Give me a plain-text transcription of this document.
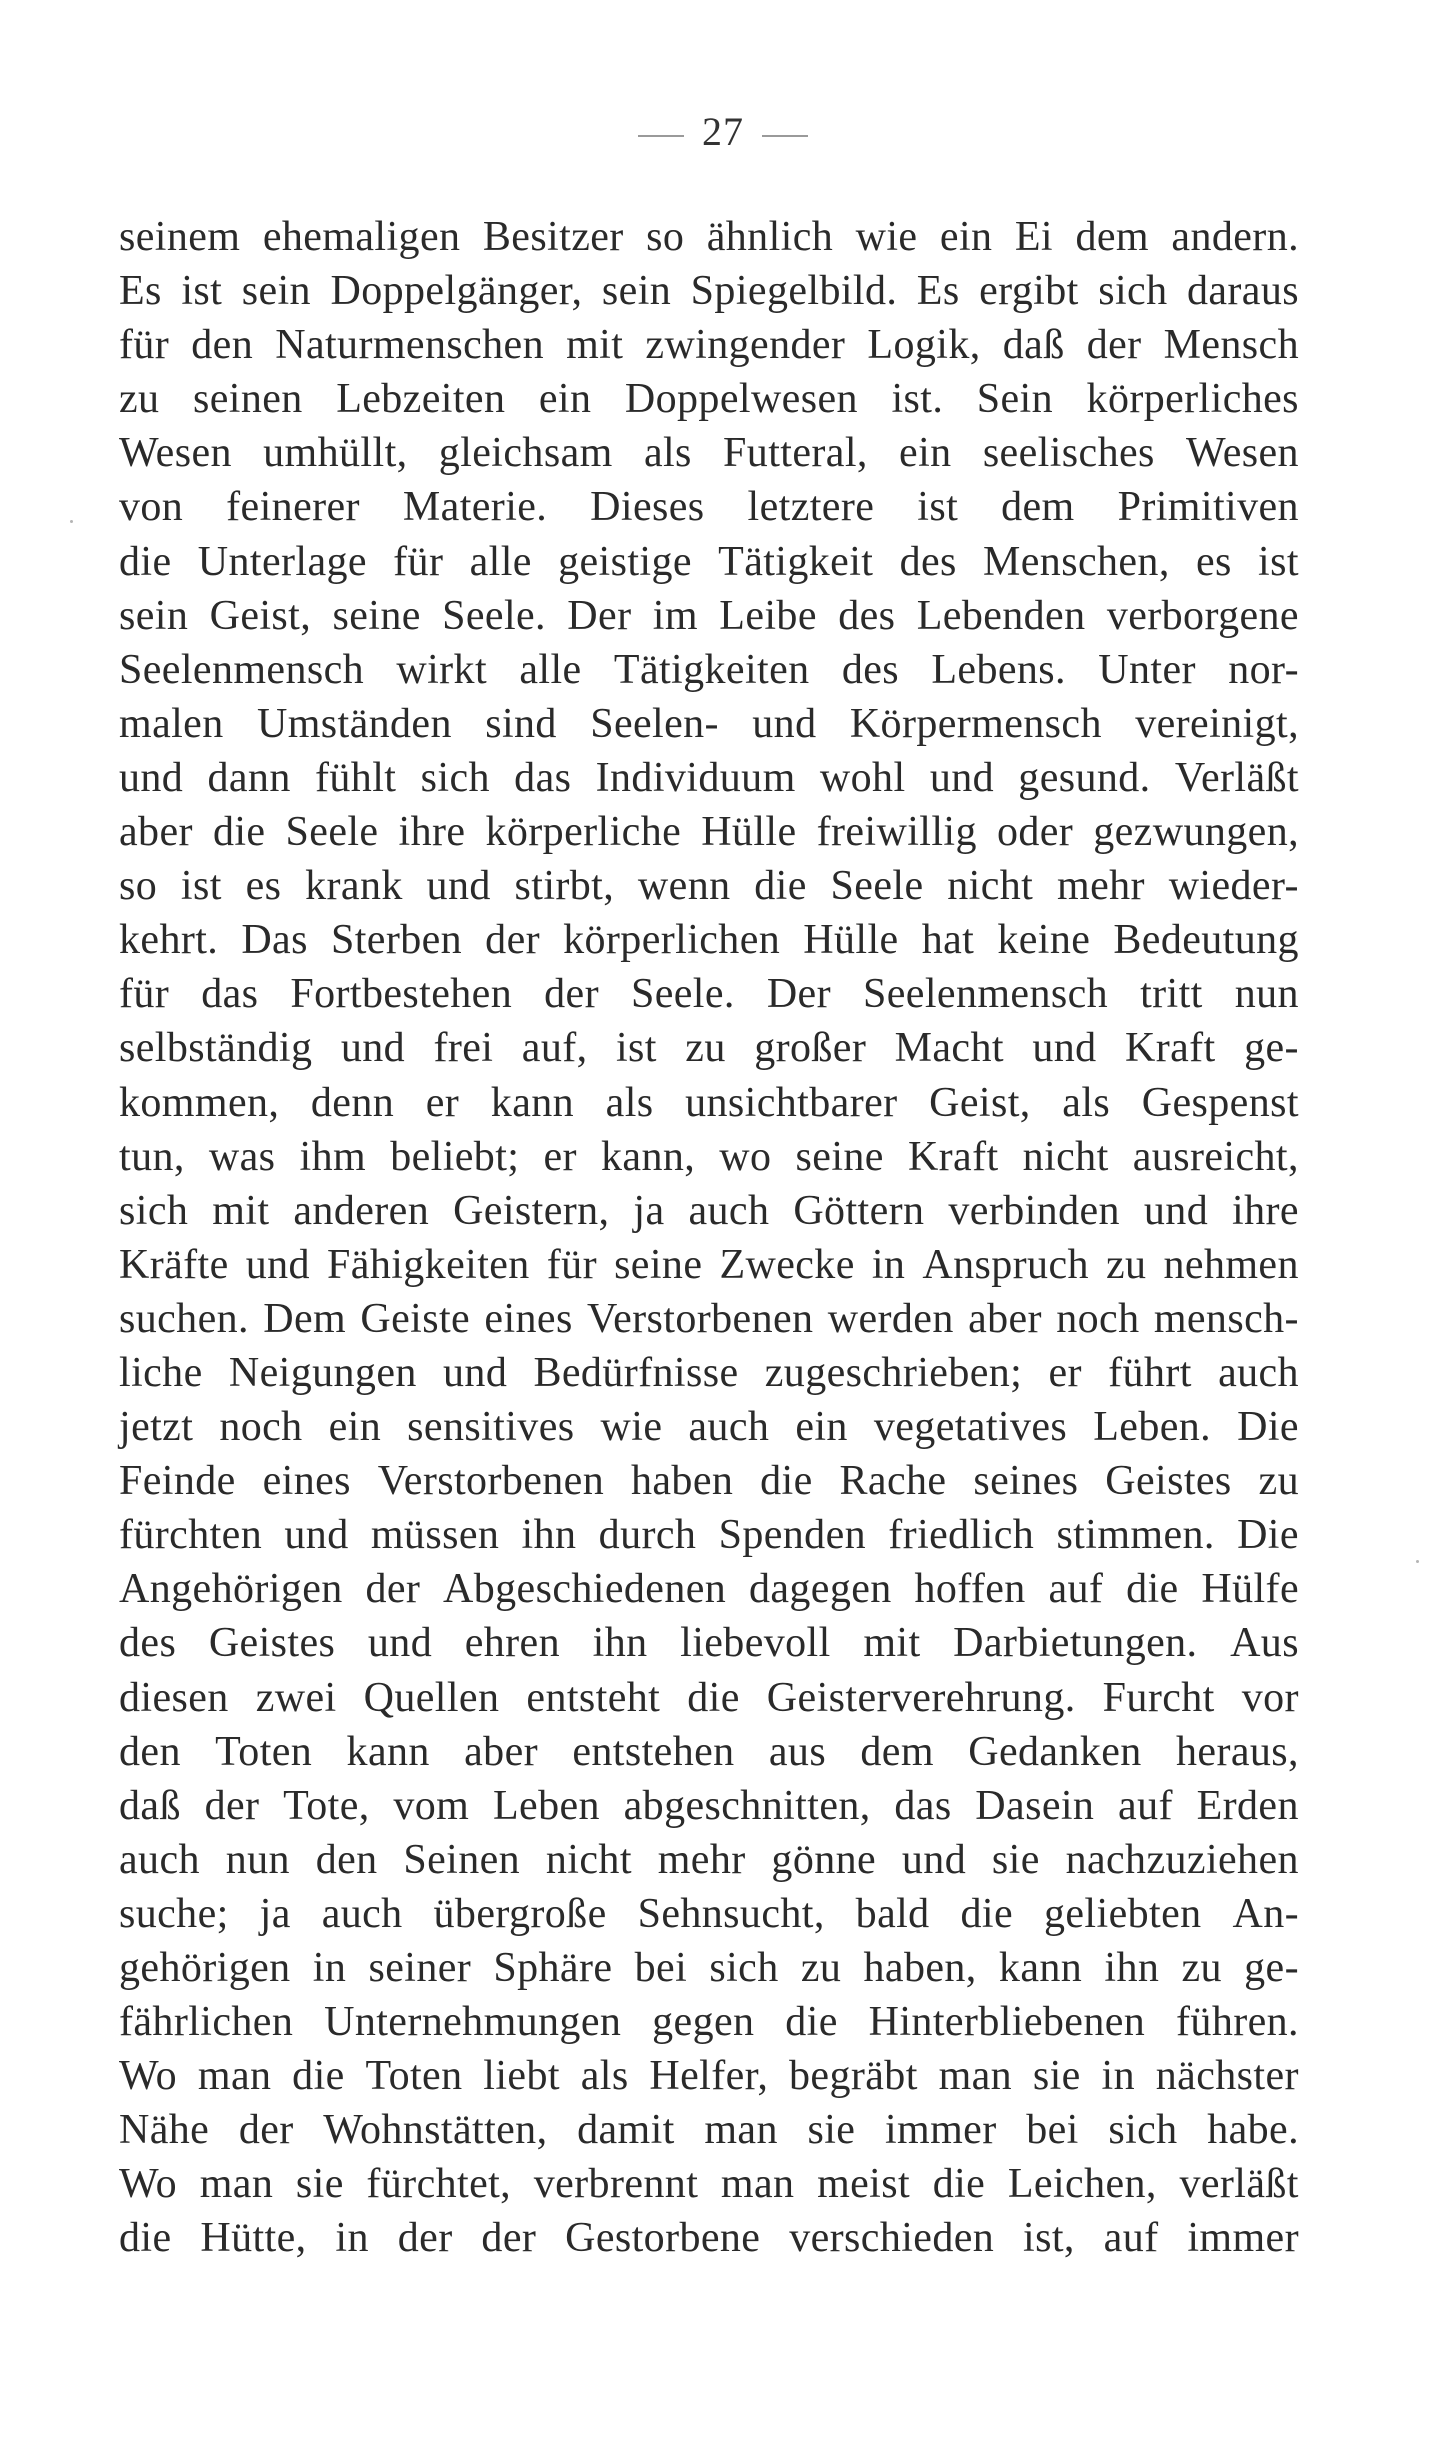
27
seinem ehemaligen Besitzer so ähnlich wie ein Ei dem andern.
Es ist sein Doppelgänger, sein Spiegelbild. Es ergibt sich daraus
für den Naturmenschen mit zwingender Logik, daß der Mensch
zu seinen Lebzeiten ein Doppelwesen ist. Sein körperliches
Wesen umhüllt, gleichsam als Futteral, ein seelisches Wesen
von feinerer Materie. Dieses letztere ist dem Primitiven
die Unterlage für alle geistige Tätigkeit des Menschen, es ist
sein Geist, seine Seele. Der im Leibe des Lebenden verborgene
Seelenmensch wirkt alle Tätigkeiten des Lebens. Unter nor-
malen Umständen sind Seelen- und Körpermensch vereinigt,
und dann fühlt sich das Individuum wohl und gesund. Verläßt
aber die Seele ihre körperliche Hülle freiwillig oder gezwungen,
so ist es krank und stirbt, wenn die Seele nicht mehr wieder-
kehrt. Das Sterben der körperlichen Hülle hat keine Bedeutung
für das Fortbestehen der Seele. Der Seelenmensch tritt nun
selbständig und frei auf, ist zu großer Macht und Kraft ge-
kommen, denn er kann als unsichtbarer Geist, als Gespenst
tun, was ihm beliebt; er kann, wo seine Kraft nicht ausreicht,
sich mit anderen Geistern, ja auch Göttern verbinden und ihre
Kräfte und Fähigkeiten für seine Zwecke in Anspruch zu nehmen
suchen. Dem Geiste eines Verstorbenen werden aber noch mensch-
liche Neigungen und Bedürfnisse zugeschrieben; er führt auch
jetzt noch ein sensitives wie auch ein vegetatives Leben. Die
Feinde eines Verstorbenen haben die Rache seines Geistes zu
fürchten und müssen ihn durch Spenden friedlich stimmen. Die
Angehörigen der Abgeschiedenen dagegen hoffen auf die Hülfe
des Geistes und ehren ihn liebevoll mit Darbietungen. Aus
diesen zwei Quellen entsteht die Geisterverehrung. Furcht vor
den Toten kann aber entstehen aus dem Gedanken heraus,
daß der Tote, vom Leben abgeschnitten, das Dasein auf Erden
auch nun den Seinen nicht mehr gönne und sie nachzuziehen
suche; ja auch übergroße Sehnsucht, bald die geliebten An-
gehörigen in seiner Sphäre bei sich zu haben, kann ihn zu ge-
fährlichen Unternehmungen gegen die Hinterbliebenen führen.
Wo man die Toten liebt als Helfer, begräbt man sie in nächster
Nähe der Wohnstätten, damit man sie immer bei sich habe.
Wo man sie fürchtet, verbrennt man meist die Leichen, verläßt
die Hütte, in der der Gestorbene verschieden ist, auf immer
